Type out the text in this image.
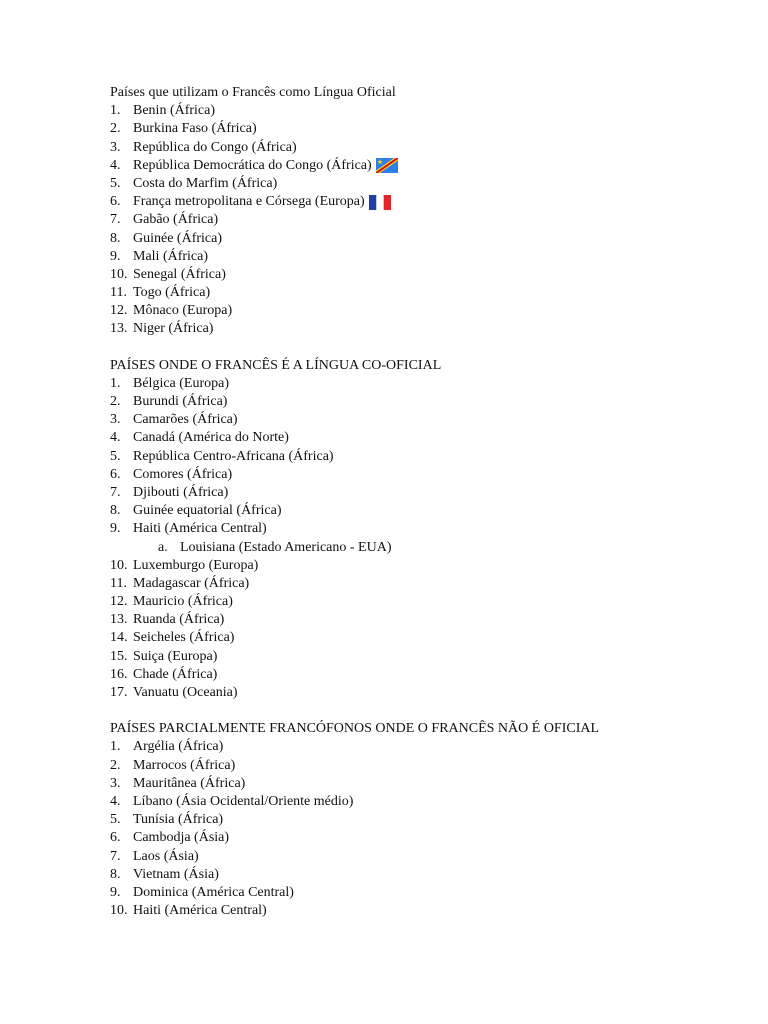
Países que utilizam o Francês como Língua Oficial
1. Benin (África)
2. Burkina Faso (África)
3. República do Congo (África)
4. República Democrática do Congo (África)
5. Costa do Marfim (África)
6. França metropolitana e Córsega (Europa)
7. Gabão (África)
8. Guinée (África)
9. Mali (África)
10. Senegal (África)
11. Togo (África)
12. Mônaco (Europa)
13. Niger (África)
PAÍSES ONDE O FRANCÊS É A LÍNGUA CO-OFICIAL
1. Bélgica (Europa)
2. Burundi (África)
3. Camarões (África)
4. Canadá (América do Norte)
5. República Centro-Africana (África)
6. Comores (África)
7. Djibouti (África)
8. Guinée equatorial (África)
9. Haiti (América Central)
a. Louisiana (Estado Americano - EUA)
10. Luxemburgo (Europa)
11. Madagascar (África)
12. Mauricio (África)
13. Ruanda (África)
14. Seicheles (África)
15. Suiça (Europa)
16. Chade (África)
17. Vanuatu (Oceania)
PAÍSES PARCIALMENTE FRANCÓFONOS ONDE O FRANCÊS NÃO É OFICIAL
1. Argélia (África)
2. Marrocos (África)
3. Mauritânea (África)
4. Líbano (Ásia Ocidental/Oriente médio)
5. Tunísia (África)
6. Cambodja (Ásia)
7. Laos (Ásia)
8. Vietnam (Ásia)
9. Dominica (América Central)
10. Haiti (América Central)
